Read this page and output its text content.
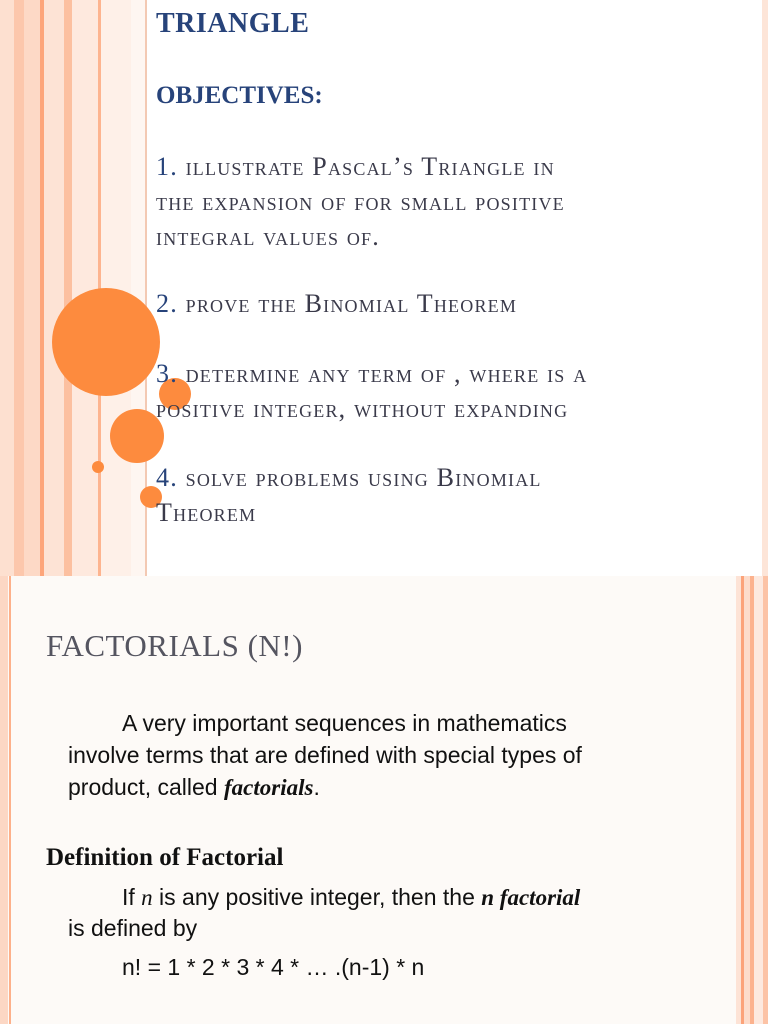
TRIANGLE
OBJECTIVES:
1. illustrate Pascal’s Triangle in
the expansion of for small positive
integral values of.
2. prove the Binomial Theorem
3. determine any term of , where is a
positive integer, without expanding
4. solve problems using Binomial
Theorem
FACTORIALS (N!)
A very important sequences in mathematics
involve terms that are defined with special types of
product, called factorials.
Definition of Factorial
If n is any positive integer, then the n factorial
is defined by
n! = 1 * 2 * 3 * 4 * … .(n-1) * n
